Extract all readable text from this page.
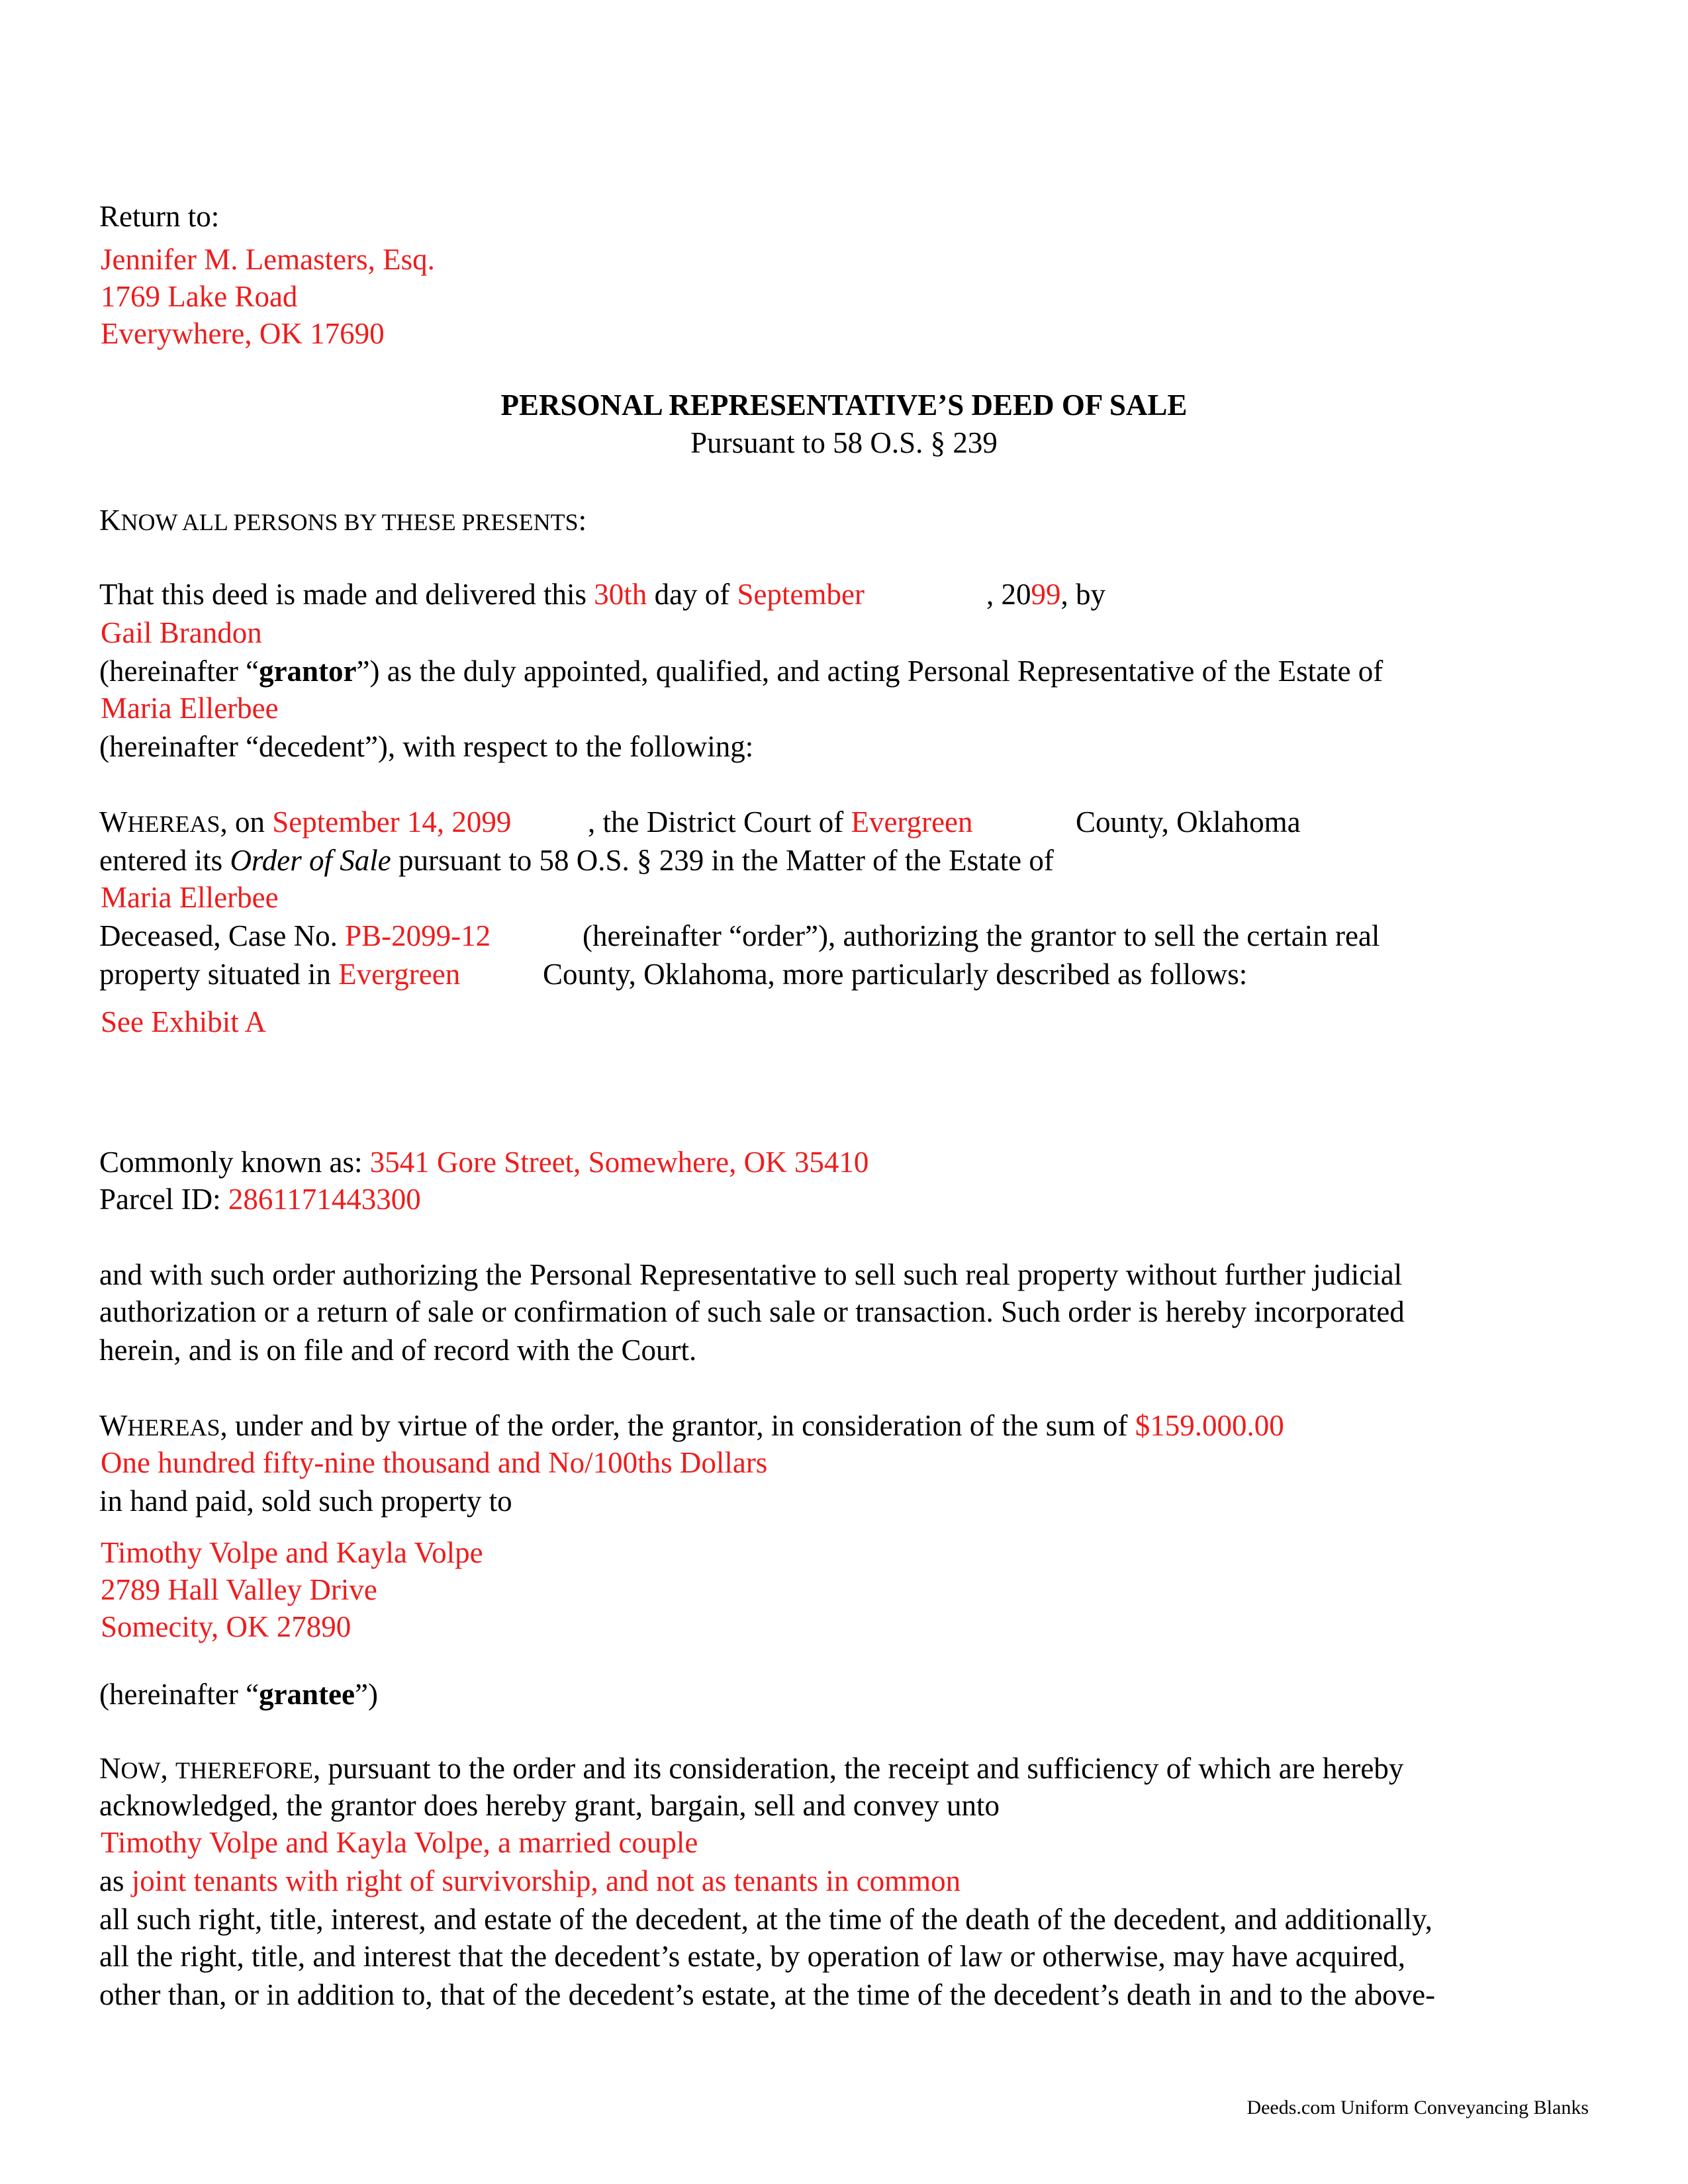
Return to:
Jennifer M. Lemasters, Esq.
1769 Lake Road
Everywhere, OK 17690
PERSONAL REPRESENTATIVE’S DEED OF SALE
Pursuant to 58 O.S. § 239
KNOW ALL PERSONS BY THESE PRESENTS:
That this deed is made and delivered this 30th day of September	, 2099, by
Gail Brandon
(hereinafter “grantor”) as the duly appointed, qualified, and acting Personal Representative of the Estate of
Maria Ellerbee
(hereinafter “decedent”), with respect to the following:
WHEREAS, on September 14, 2099	, the District Court of Evergreen	County, Oklahoma
entered its Order of Sale pursuant to 58 O.S. § 239 in the Matter of the Estate of
Maria Ellerbee
Deceased, Case No. PB-2099-12	(hereinafter “order”), authorizing the grantor to sell the certain real
property situated in Evergreen	County, Oklahoma, more particularly described as follows:
See Exhibit A
Commonly known as: 3541 Gore Street, Somewhere, OK 35410
Parcel ID: 2861171443300
and with such order authorizing the Personal Representative to sell such real property without further judicial
authorization or a return of sale or confirmation of such sale or transaction. Such order is hereby incorporated
herein, and is on file and of record with the Court.
WHEREAS, under and by virtue of the order, the grantor, in consideration of the sum of $159.000.00
One hundred fifty-nine thousand and No/100ths Dollars
in hand paid, sold such property to
Timothy Volpe and Kayla Volpe
2789 Hall Valley Drive
Somecity, OK 27890
(hereinafter “grantee”)
NOW, THEREFORE, pursuant to the order and its consideration, the receipt and sufficiency of which are hereby
acknowledged, the grantor does hereby grant, bargain, sell and convey unto
Timothy Volpe and Kayla Volpe, a married couple
as joint tenants with right of survivorship, and not as tenants in common
all such right, title, interest, and estate of the decedent, at the time of the death of the decedent, and additionally,
all the right, title, and interest that the decedent’s estate, by operation of law or otherwise, may have acquired,
other than, or in addition to, that of the decedent’s estate, at the time of the decedent’s death in and to the above-
Deeds.com Uniform Conveyancing Blanks
